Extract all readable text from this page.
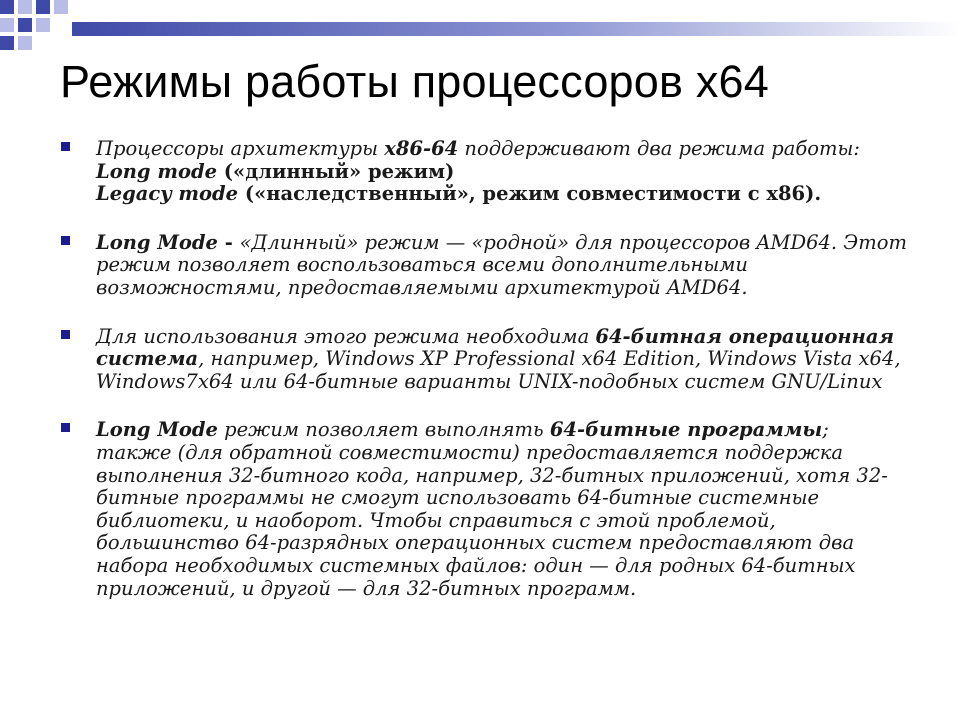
Режимы работы процессоров x64
Процессоры архитектуры x86-64 поддерживают два режима работы:
Long mode («длинный» режим)
Legacy mode («наследственный», режим совместимости с x86).
Long Mode - «Длинный» режим — «родной» для процессоров AMD64. Этот
режим позволяет воспользоваться всеми дополнительными
возможностями, предоставляемыми архитектурой AMD64.
Для использования этого режима необходима 64-битная операционная
система, например, Windows XP Professional x64 Edition, Windows Vista x64,
Windows7x64 или 64-битные варианты UNIX-подобных систем GNU/Linux
Long Mode режим позволяет выполнять 64-битные программы;
также (для обратной совместимости) предоставляется поддержка
выполнения 32-битного кода, например, 32-битных приложений, хотя 32-
битные программы не смогут использовать 64-битные системные
библиотеки, и наоборот. Чтобы справиться с этой проблемой,
большинство 64-разрядных операционных систем предоставляют два
набора необходимых системных файлов: один — для родных 64-битных
приложений, и другой — для 32-битных программ.
